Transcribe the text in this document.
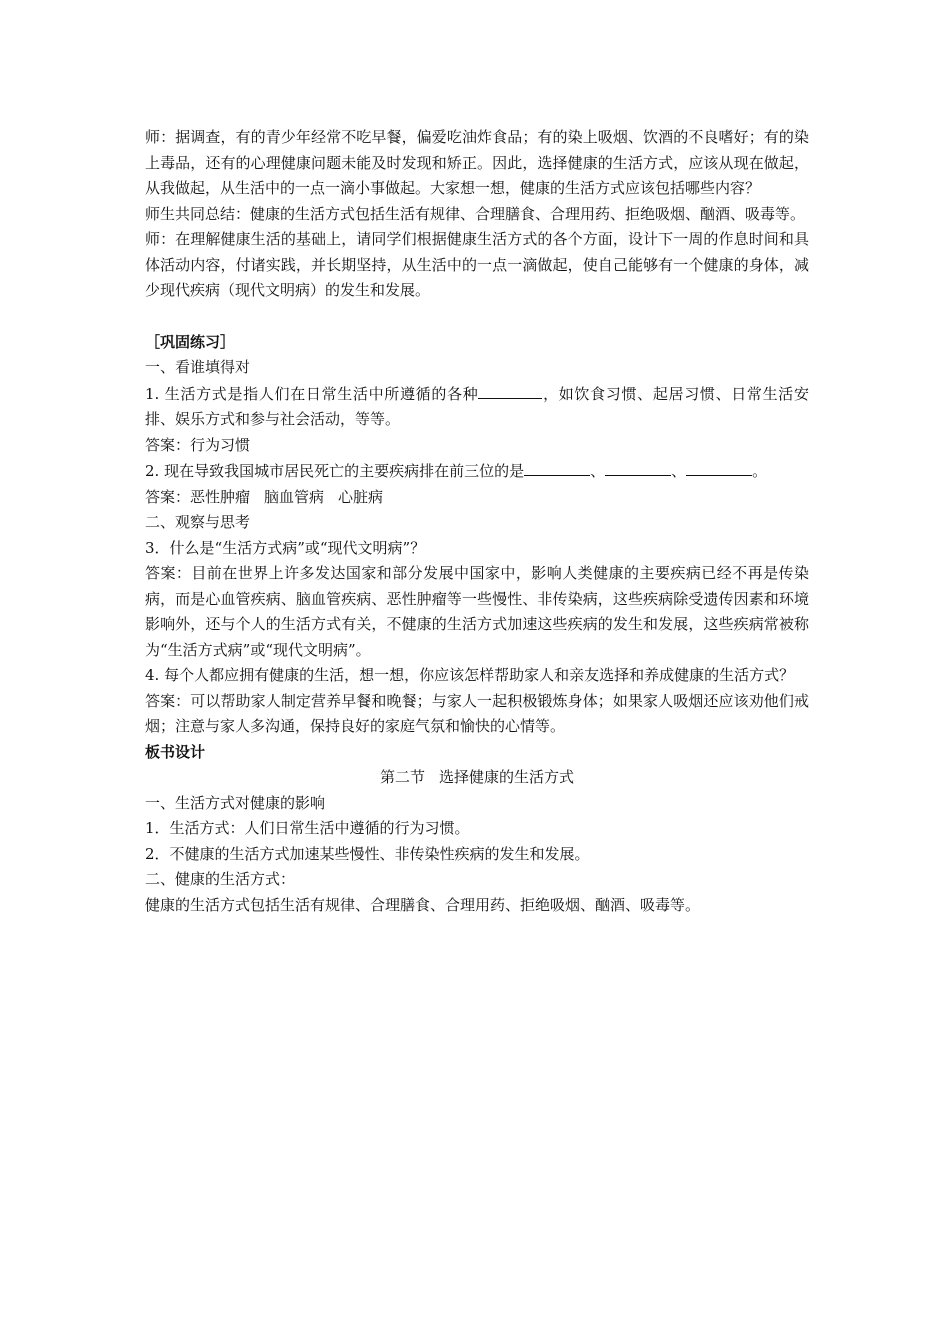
师：据调查，有的青少年经常不吃早餐，偏爱吃油炸食品；有的染上吸烟、饮酒的不良嗜好；有的染上毒品，还有的心理健康问题未能及时发现和矫正。因此，选择健康的生活方式，应该从现在做起，从我做起，从生活中的一点一滴小事做起。大家想一想，健康的生活方式应该包括哪些内容？

师生共同总结：健康的生活方式包括生活有规律、合理膳食、合理用药、拒绝吸烟、酗酒、吸毒等。

师：在理解健康生活的基础上，请同学们根据健康生活方式的各个方面，设计下一周的作息时间和具体活动内容，付诸实践，并长期坚持，从生活中的一点一滴做起，使自己能够有一个健康的身体，减少现代疾病（现代文明病）的发生和发展。

［巩固练习］

一、看谁填得对

1. 生活方式是指人们在日常生活中所遵循的各种	，如饮食习惯、起居习惯、日常生活安排、娱乐方式和参与社会活动，等等。

答案：行为习惯

2. 现在导致我国城市居民死亡的主要疾病排在前三位的是	、	、	。

答案：恶性肿瘤 脑血管病 心脏病

二、观察与思考

3．什么是“生活方式病”或“现代文明病”？

答案：目前在世界上许多发达国家和部分发展中国家中，影响人类健康的主要疾病已经不再是传染病，而是心血管疾病、脑血管疾病、恶性肿瘤等一些慢性、非传染病，这些疾病除受遗传因素和环境影响外，还与个人的生活方式有关，不健康的生活方式加速这些疾病的发生和发展，这些疾病常被称为“生活方式病”或“现代文明病”。

4. 每个人都应拥有健康的生活，想一想，你应该怎样帮助家人和亲友选择和养成健康的生活方式？

答案：可以帮助家人制定营养早餐和晚餐；与家人一起积极锻炼身体；如果家人吸烟还应该劝他们戒烟；注意与家人多沟通，保持良好的家庭气氛和愉快的心情等。

板书设计

第二节 选择健康的生活方式

一、生活方式对健康的影响

1．生活方式：人们日常生活中遵循的行为习惯。

2．不健康的生活方式加速某些慢性、非传染性疾病的发生和发展。

二、健康的生活方式：

健康的生活方式包括生活有规律、合理膳食、合理用药、拒绝吸烟、酗酒、吸毒等。
